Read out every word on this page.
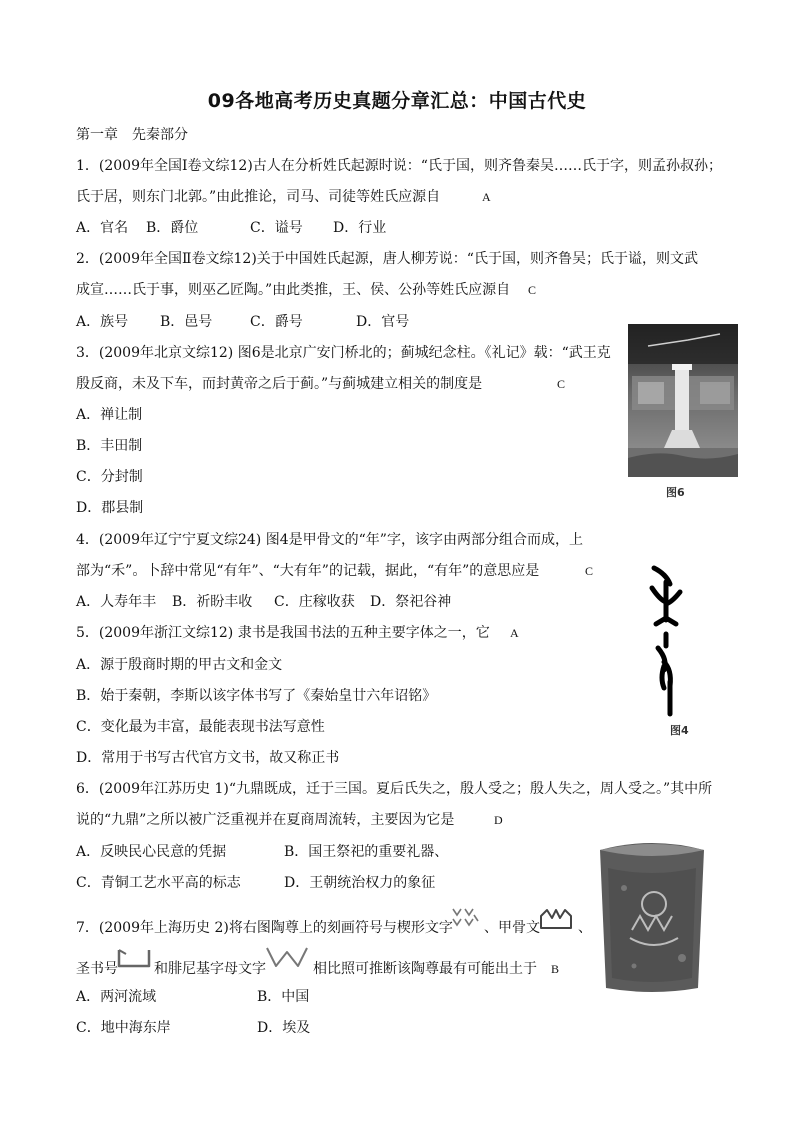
09各地高考历史真题分章汇总：中国古代史
第一章　先秦部分
1．(2009年全国Ⅰ卷文综12)古人在分析姓氏起源时说：“氏于国，则齐鲁秦吴……氏于字，则孟孙叔孙；
氏于居，则东门北郭。”由此推论，司马、司徒等姓氏应源自	A
A．官名 B．爵位	C．谥号 D．行业
2．(2009年全国Ⅱ卷文综12)关于中国姓氏起源，唐人柳芳说：“氏于国，则齐鲁吴；氏于谥，则文武
成宣……氏于事，则巫乙匠陶。”由此类推，王、侯、公孙等姓氏应源自 C
A．族号 B．邑号	C．爵号	D．官号
图6
3．(2009年北京文综12) 图6是北京广安门桥北的；蓟城纪念柱。《礼记》载：“武王克
殷反商，未及下车，而封黄帝之后于蓟。”与蓟城建立相关的制度是	C
A．禅让制
B．丰田制
C．分封制
D．郡县制
4．(2009年辽宁宁夏文综24) 图4是甲骨文的“年”字，该字由两部分组合而成，上
部为“禾”。卜辞中常见“有年”、“大有年”的记载，据此，“有年”的意思应是	C
A．人寿年丰 B．祈盼丰收 C．庄稼收获 D．祭祀谷神
图4
5．(2009年浙江文综12) 隶书是我国书法的五种主要字体之一，它 A
A．源于殷商时期的甲古文和金文
B．始于秦朝，李斯以该字体书写了《秦始皇廿六年诏铭》
C．变化最为丰富，最能表现书法写意性
D．常用于书写古代官方文书，故又称正书
6．(2009年江苏历史 1)“九鼎既成，迁于三国。夏后氏失之，殷人受之；殷人失之，周人受之。”其中所
说的“九鼎”之所以被广泛重视并在夏商周流转，主要因为它是	D
A．反映民心民意的凭据	B．国王祭祀的重要礼器、
C．青铜工艺水平高的标志	D．王朝统治权力的象征
7．(2009年上海历史 2)将右图陶尊上的刻画符号与楔形文字 、甲骨文	、
圣书号	和腓尼基字母文字	相比照可推断该陶尊最有可能出土于 B
A．两河流域	B．中国
C．地中海东岸	D．埃及
